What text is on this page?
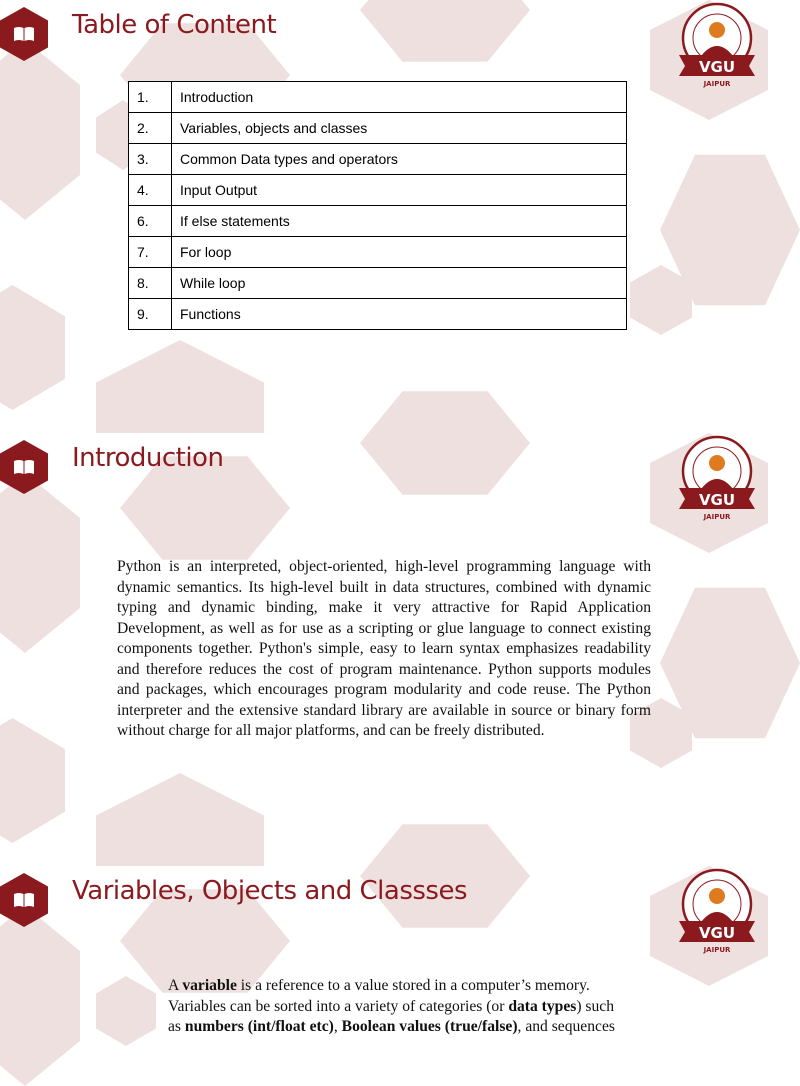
Table of Content
VGU
JAIPUR
1.	Introduction
2.	Variables, objects and classes
3.	Common Data types and operators
4.	Input Output
6.	If else statements
7.	For loop
8.	While loop
9.	Functions
Introduction
VGU
JAIPUR

Python is an interpreted, object-oriented, high-level programming language with dynamic semantics. Its high-level built in data structures, combined with dynamic typing and dynamic binding, make it very attractive for Rapid Application Development, as well as for use as a scripting or glue language to connect existing components together. Python's simple, easy to learn syntax emphasizes readability and therefore reduces the cost of program maintenance. Python supports modules and packages, which encourages program modularity and code reuse. The Python interpreter and the extensive standard library are available in source or binary form without charge for all major platforms, and can be freely distributed.

Variables, Objects and Classses
VGU
JAIPUR
A variable is a reference to a value stored in a computer’s memory.
Variables can be sorted into a variety of categories (or data types) such
as numbers (int/float etc), Boolean values (true/false), and sequences
